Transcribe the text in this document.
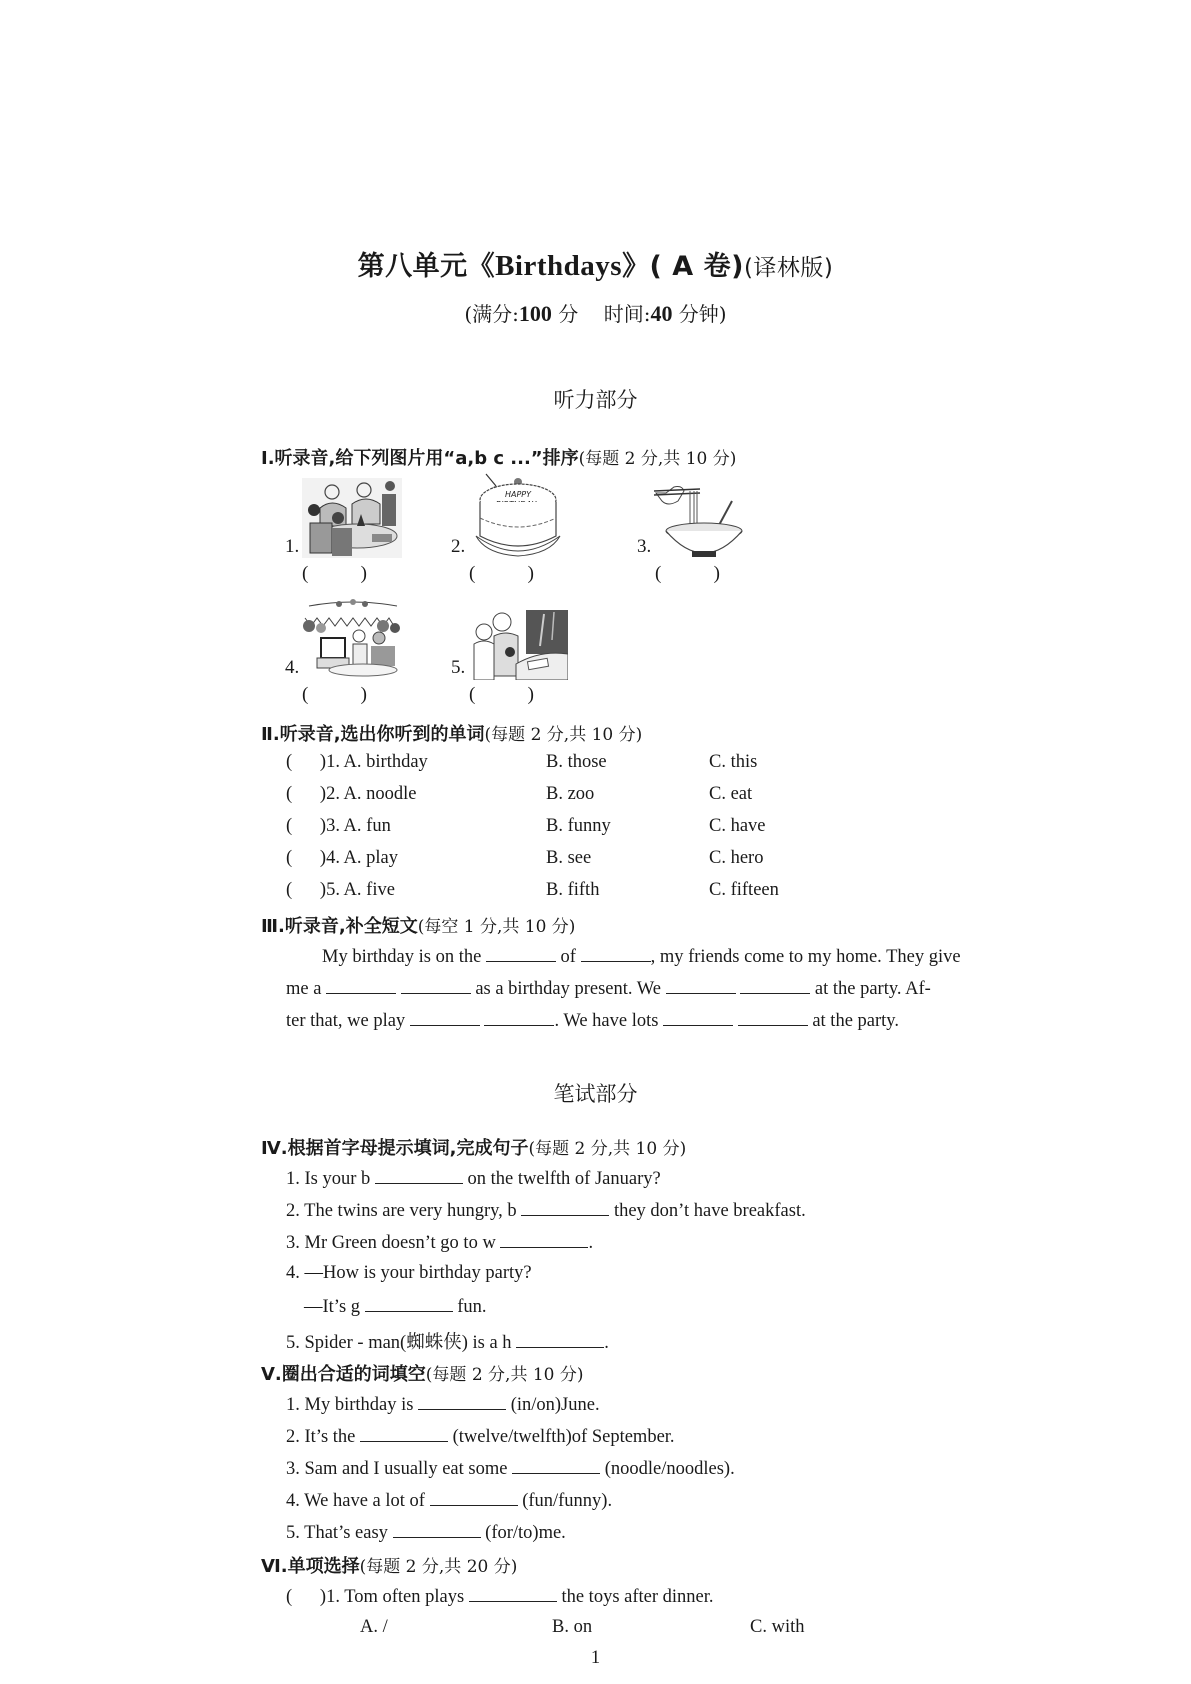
第八单元《Birthdays》( A 卷)(译林版)
(满分:100 分    时间:40 分钟)
听力部分
Ⅰ.听录音,给下列图片用“a,b c ...”排序(每题 2 分,共 10 分)
1.
(           )
2.
HAPPY
(           )
3.
(           )
4.
(           )
5.
(           )
Ⅱ.听录音,选出你听到的单词(每题 2 分,共 10 分)
(      )1. A. birthday	B. those	C. this
(      )2. A. noodle	B. zoo	C. eat
(      )3. A. fun	B. funny	C. have
(      )4. A. play	B. see	C. hero
(      )5. A. five	B. fifth	C. fifteen
Ⅲ.听录音,补全短文(每空 1 分,共 10 分)
My birthday is on the	of	, my friends come to my home. They give
me a	as a birthday present. We	at the party. Af-
ter that, we play	. We have lots	at the party.
笔试部分
Ⅳ.根据首字母提示填词,完成句子(每题 2 分,共 10 分)
1. Is your b	on the twelfth of January?
2. The twins are very hungry, b	they don’t have breakfast.
3. Mr Green doesn’t go to w	.
4. —How is your birthday party?
—It’s g	fun.
5. Spider - man(蜘蛛侠) is a h	.
Ⅴ.圈出合适的词填空(每题 2 分,共 10 分)
1. My birthday is	(in/on)June.
2. It’s the	(twelve/twelfth)of September.
3. Sam and I usually eat some	(noodle/noodles).
4. We have a lot of	(fun/funny).
5. That’s easy	(for/to)me.
Ⅵ.单项选择(每题 2 分,共 20 分)
(      )1. Tom often plays	the toys after dinner.
A. /	B. on	C. with
1
